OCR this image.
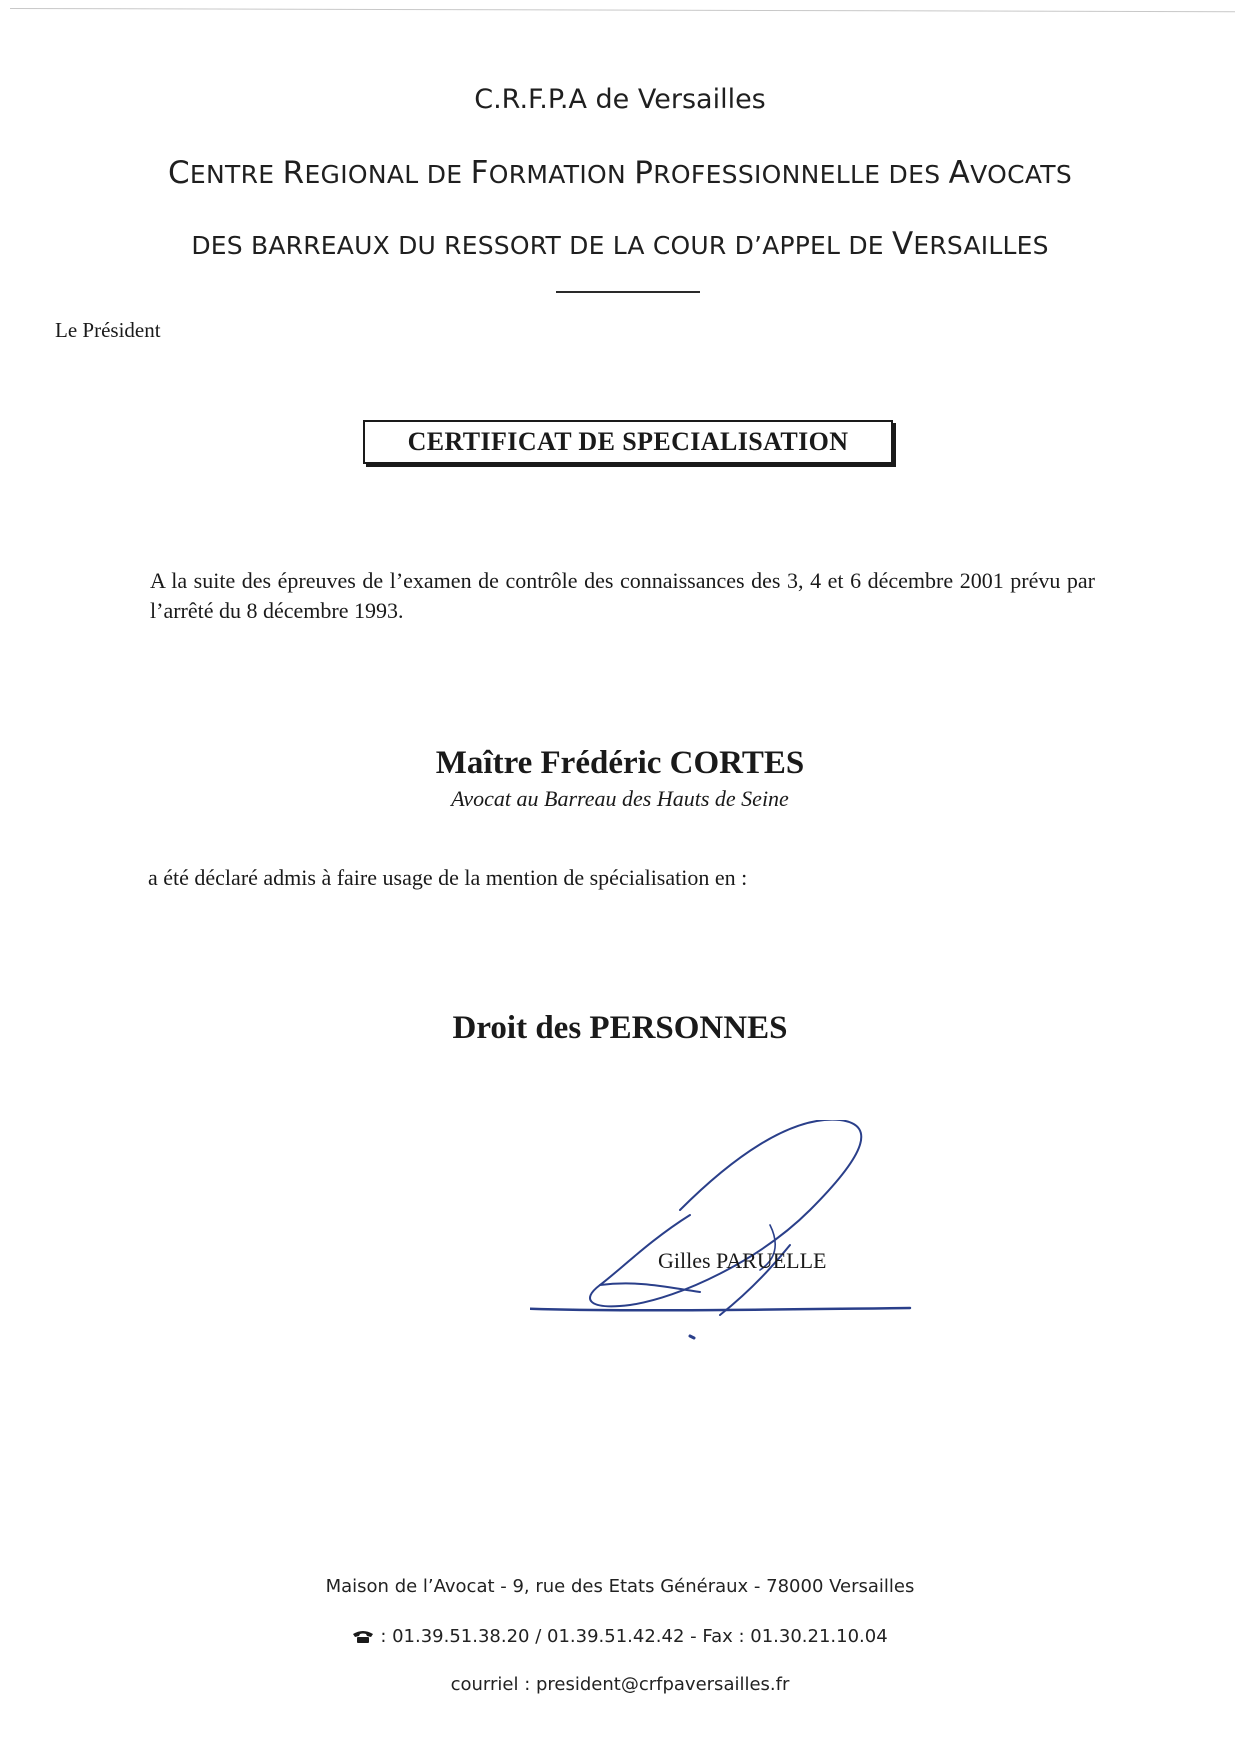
C.R.F.P.A de Versailles
CENTRE REGIONAL DE FORMATION PROFESSIONNELLE DES AVOCATS
DES BARREAUX DU RESSORT DE LA COUR D’APPEL DE VERSAILLES
Le Président
CERTIFICAT DE SPECIALISATION
A la suite des épreuves de l’examen de contrôle des connaissances des 3, 4 et 6 décembre 2001 prévu par l’arrêté du 8 décembre 1993.
Maître Frédéric CORTES
Avocat au Barreau des Hauts de Seine
a été déclaré admis à faire usage de la mention de spécialisation en :
Droit des PERSONNES
Gilles PARUELLE
Maison de l’Avocat - 9, rue des Etats Généraux - 78000 Versailles
: 01.39.51.38.20 / 01.39.51.42.42 - Fax : 01.30.21.10.04
courriel : president@crfpaversailles.fr
